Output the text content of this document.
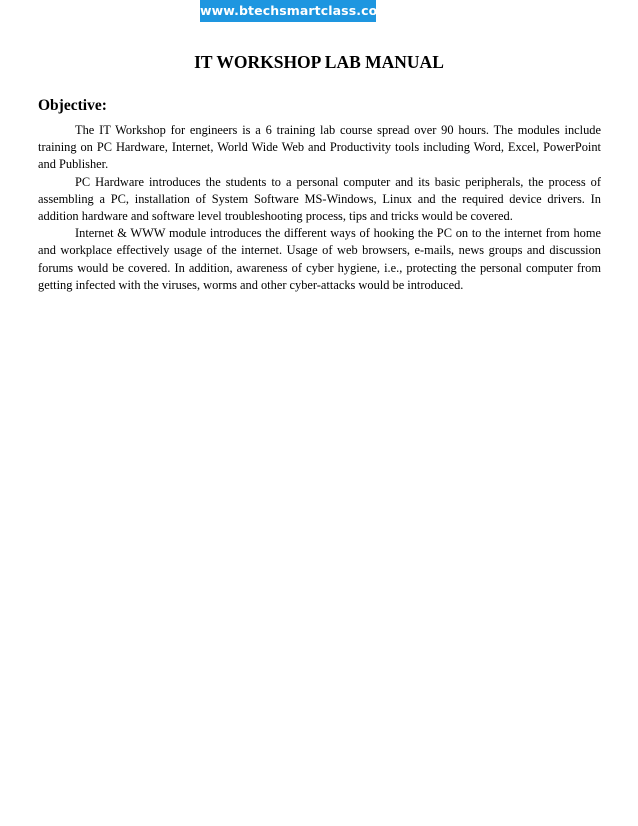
www.btechsmartclass.com
IT WORKSHOP LAB MANUAL
Objective:

The IT Workshop for engineers is a 6 training lab course spread over 90 hours. The modules include training on PC Hardware, Internet, World Wide Web and Productivity tools including Word, Excel, PowerPoint and Publisher.

PC Hardware introduces the students to a personal computer and its basic peripherals, the process of assembling a PC, installation of System Software MS-Windows, Linux and the required device drivers. In addition hardware and software level troubleshooting process, tips and tricks would be covered.

Internet & WWW module introduces the different ways of hooking the PC on to the internet from home and workplace effectively usage of the internet. Usage of web browsers, e-mails, news groups and discussion forums would be covered. In addition, awareness of cyber hygiene, i.e., protecting the personal computer from getting infected with the viruses, worms and other cyber-attacks would be introduced.
